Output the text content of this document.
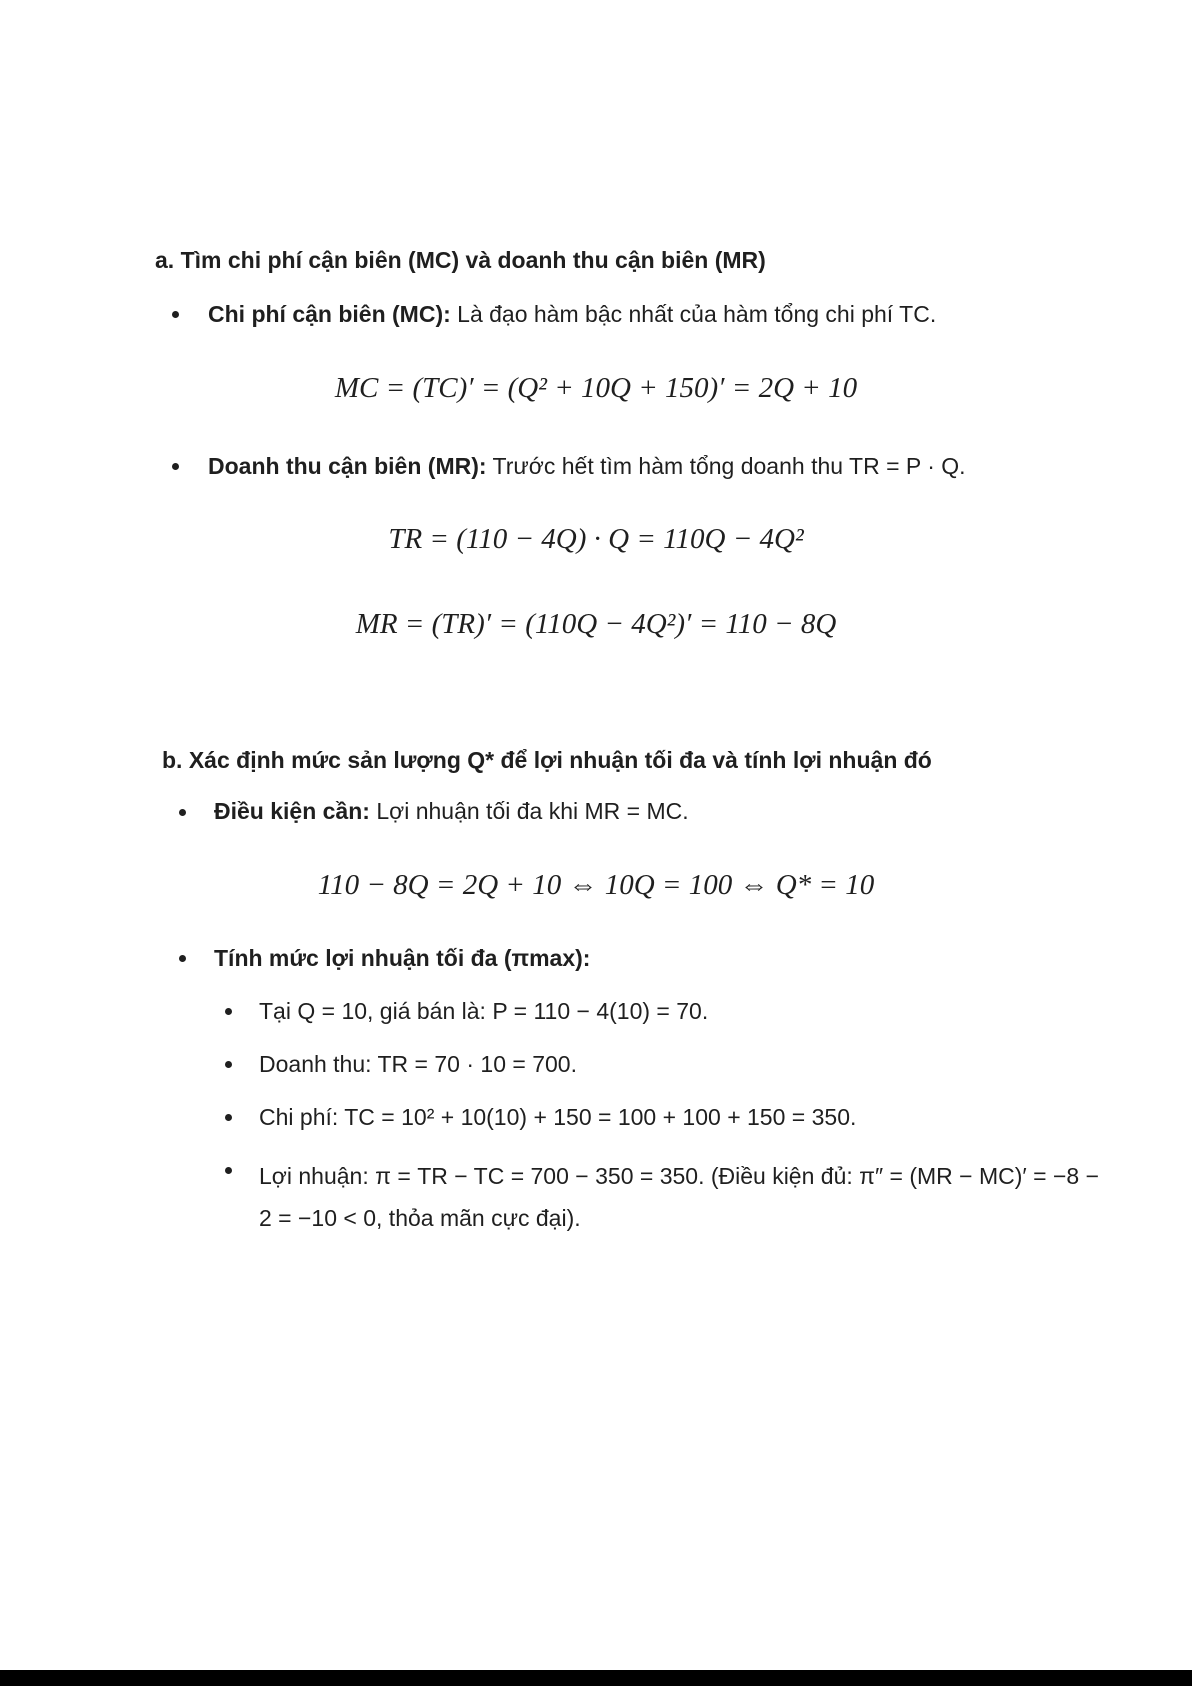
a. Tìm chi phí cận biên (MC) và doanh thu cận biên (MR)
Chi phí cận biên (MC): Là đạo hàm bậc nhất của hàm tổng chi phí TC.
MC = (TC)′ = (Q² + 10Q + 150)′ = 2Q + 10
Doanh thu cận biên (MR): Trước hết tìm hàm tổng doanh thu TR = P · Q.
TR = (110 − 4Q) · Q = 110Q − 4Q²
MR = (TR)′ = (110Q − 4Q²)′ = 110 − 8Q
b. Xác định mức sản lượng Q* để lợi nhuận tối đa và tính lợi nhuận đó
Điều kiện cần: Lợi nhuận tối đa khi MR = MC.
110 − 8Q = 2Q + 10 ⇔ 10Q = 100 ⇔ Q* = 10
Tính mức lợi nhuận tối đa (πmax):
Tại Q = 10, giá bán là: P = 110 − 4(10) = 70.
Doanh thu: TR = 70 · 10 = 700.
Chi phí: TC = 10² + 10(10) + 150 = 100 + 100 + 150 = 350.
Lợi nhuận: π = TR − TC = 700 − 350 = 350. (Điều kiện đủ: π″ = (MR − MC)′ = −8 − 2 = −10 < 0, thỏa mãn cực đại).
